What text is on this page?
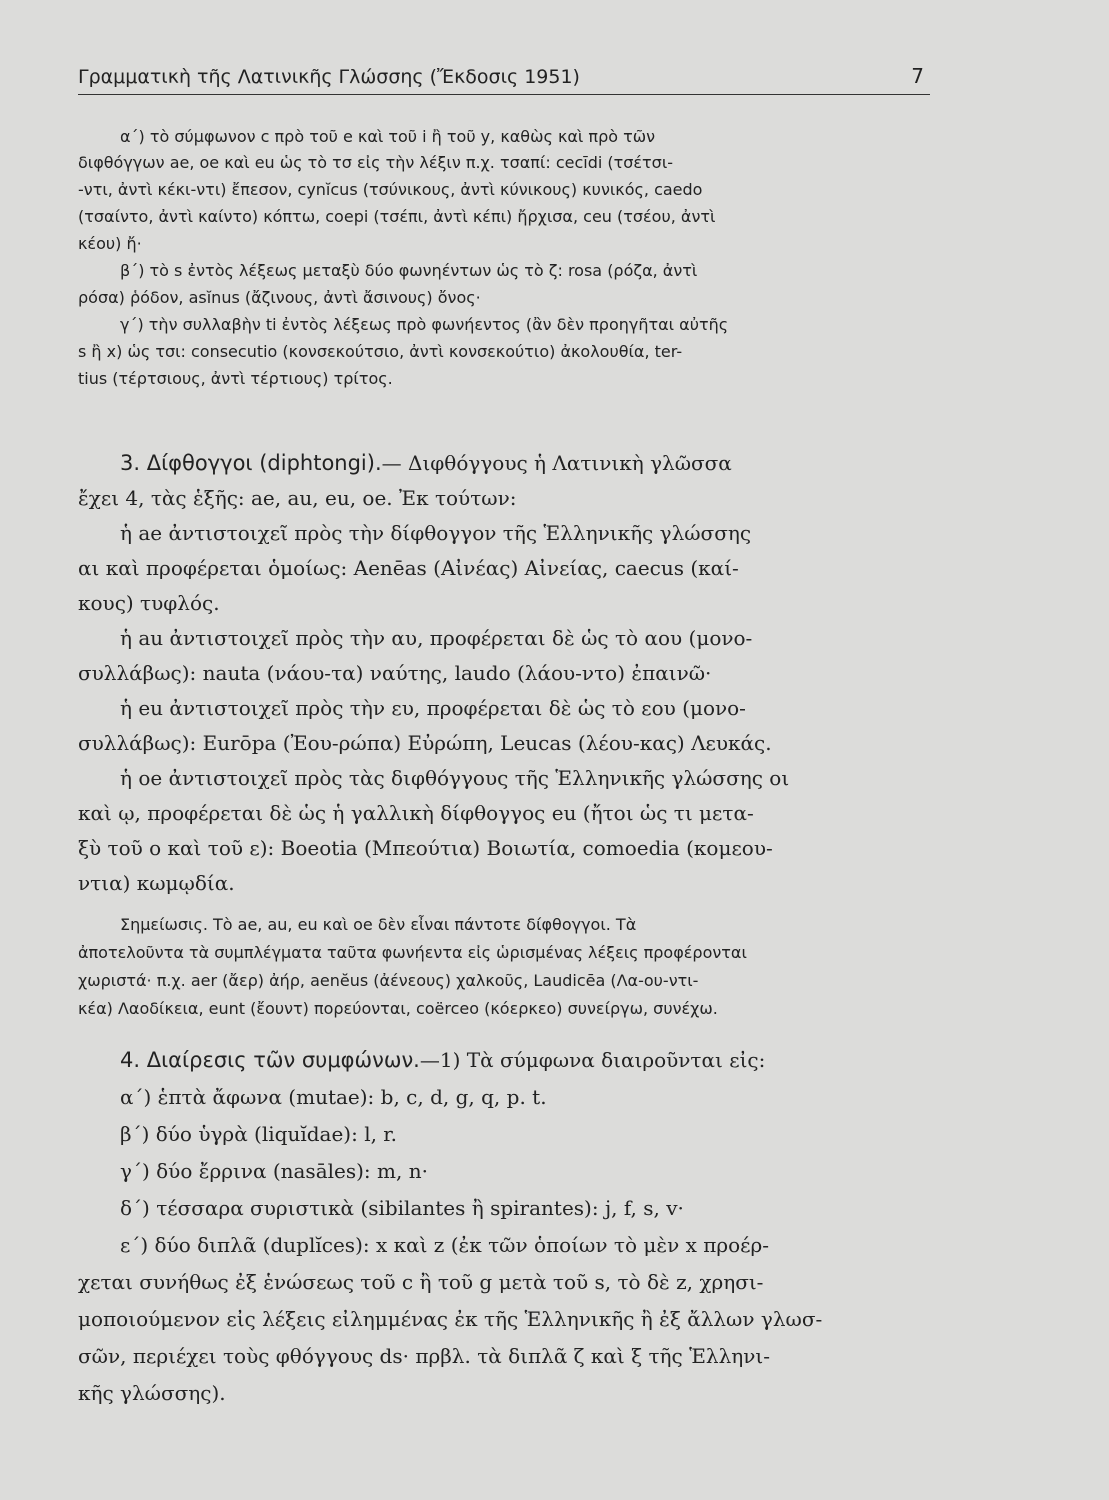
Γραμματικὴ τῆς Λατινικῆς Γλώσσης (Ἔκδοσις 1951)	7
α΄) τὸ σύμφωνον c πρὸ τοῦ e καὶ τοῦ i ἢ τοῦ y, καθὼς καὶ πρὸ τῶν
διφθόγγων ae, oe καὶ eu ὡς τὸ τσ εἰς τὴν λέξιν π.χ. τσαπί: cecīdi (τσέτσι-
-ντι, ἀντὶ κέκι-ντι) ἔπεσον, cynĭcus (τσύνικους, ἀντὶ κύνικους) κυνικός, caedo
(τσαίντο, ἀντὶ καίντο) κόπτω, coepi (τσέπι, ἀντὶ κέπι) ἤρχισα, ceu (τσέου, ἀντὶ
κέου) ἤ·
β΄) τὸ s ἐντὸς λέξεως μεταξὺ δύο φωνηέντων ὡς τὸ ζ: rosa (ρόζα, ἀντὶ
ρόσα) ῥόδον, asĭnus (ἄζινους, ἀντὶ ἄσινους) ὄνος·
γ΄) τὴν συλλαβὴν ti ἐντὸς λέξεως πρὸ φωνήεντος (ἂν δὲν προηγῆται αὐτῆς
s ἢ x) ὡς τσι: consecutio (κονσεκούτσιο, ἀντὶ κονσεκούτιο) ἀκολουθία, ter-
tius (τέρτσιους, ἀντὶ τέρτιους) τρίτος.
3. Δίφθογγοι (diphtongi).— Διφθόγγους ἡ Λατινικὴ γλῶσσα
ἔχει 4, τὰς ἑξῆς: ae, au, eu, oe. Ἐκ τούτων:
ἡ ae ἀντιστοιχεῖ πρὸς τὴν δίφθογγον τῆς Ἑλληνικῆς γλώσσης
αι καὶ προφέρεται ὁμοίως: Aenēas (Αἰνέας) Αἰνείας, caecus (καί-
κους) τυφλός.
ἡ au ἀντιστοιχεῖ πρὸς τὴν αυ, προφέρεται δὲ ὡς τὸ αου (μονο-
συλλάβως): nauta (νάου-τα) ναύτης, laudo (λάου-ντο) ἐπαινῶ·
ἡ eu ἀντιστοιχεῖ πρὸς τὴν ευ, προφέρεται δὲ ὡς τὸ εου (μονο-
συλλάβως): Eurōpa (Ἐου-ρώπα) Εὐρώπη, Leucas (λέου-κας) Λευκάς.
ἡ oe ἀντιστοιχεῖ πρὸς τὰς διφθόγγους τῆς Ἑλληνικῆς γλώσσης οι
καὶ ῳ, προφέρεται δὲ ὡς ἡ γαλλικὴ δίφθογγος eu (ἤτοι ὡς τι μετα-
ξὺ τοῦ ο καὶ τοῦ ε): Boeotia (Μπεούτια) Βοιωτία, comoedia (κομεου-
ντια) κωμῳδία.
Σημείωσις. Τὸ ae, au, eu καὶ oe δὲν εἶναι πάντοτε δίφθογγοι. Τὰ
ἀποτελοῦντα τὰ συμπλέγματα ταῦτα φωνήεντα εἰς ὡρισμένας λέξεις προφέρονται
χωριστά· π.χ. aer (ἄερ) ἀήρ, aenĕus (ἀένεους) χαλκοῦς, Laudicēa (Λα-ου-ντι-
κέα) Λαοδίκεια, eunt (ἔουντ) πορεύονται, coërceo (κόερκεο) συνείργω, συνέχω.
4. Διαίρεσις τῶν συμφώνων.—1) Τὰ σύμφωνα διαιροῦνται εἰς:
α΄) ἑπτὰ ἄφωνα (mutae): b, c, d, g, q, p. t.
β΄) δύο ὑγρὰ (liquĭdae): l, r.
γ΄) δύο ἔρρινα (nasāles): m, n·
δ΄) τέσσαρα συριστικὰ (sibilantes ἢ spirantes): j, f, s, v·
ε΄) δύο διπλᾶ (duplĭces): x καὶ z (ἐκ τῶν ὁποίων τὸ μὲν x προέρ-
χεται συνήθως ἐξ ἑνώσεως τοῦ c ἢ τοῦ g μετὰ τοῦ s, τὸ δὲ z, χρησι-
μοποιούμενον εἰς λέξεις εἰλημμένας ἐκ τῆς Ἑλληνικῆς ἢ ἐξ ἄλλων γλωσ-
σῶν, περιέχει τοὺς φθόγγους ds· πρβλ. τὰ διπλᾶ ζ καὶ ξ τῆς Ἑλληνι-
κῆς γλώσσης).
